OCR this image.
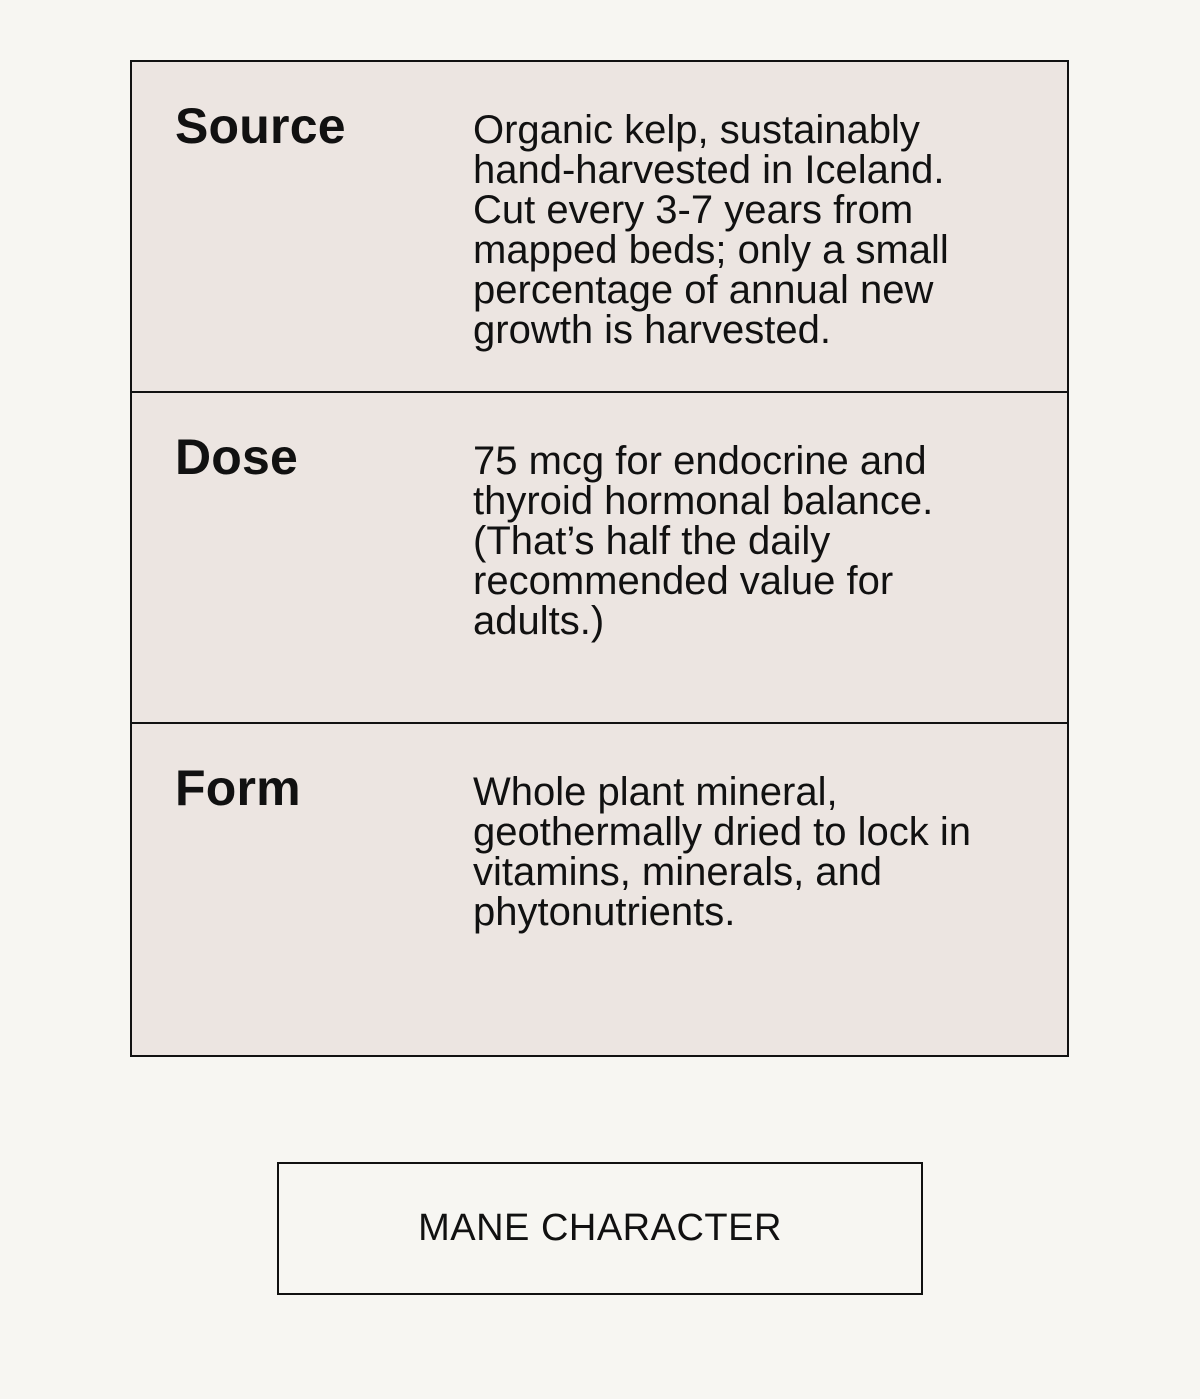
Source	Organic kelp, sustainably hand-harvested in Iceland. Cut every 3-7 years from mapped beds; only a small percentage of annual new growth is harvested.

Dose	75 mcg for endocrine and thyroid hormonal balance. (That’s half the daily recommended value for adults.)

Form	Whole plant mineral, geothermally dried to lock in vitamins, minerals, and phytonutrients.

MANE CHARACTER
